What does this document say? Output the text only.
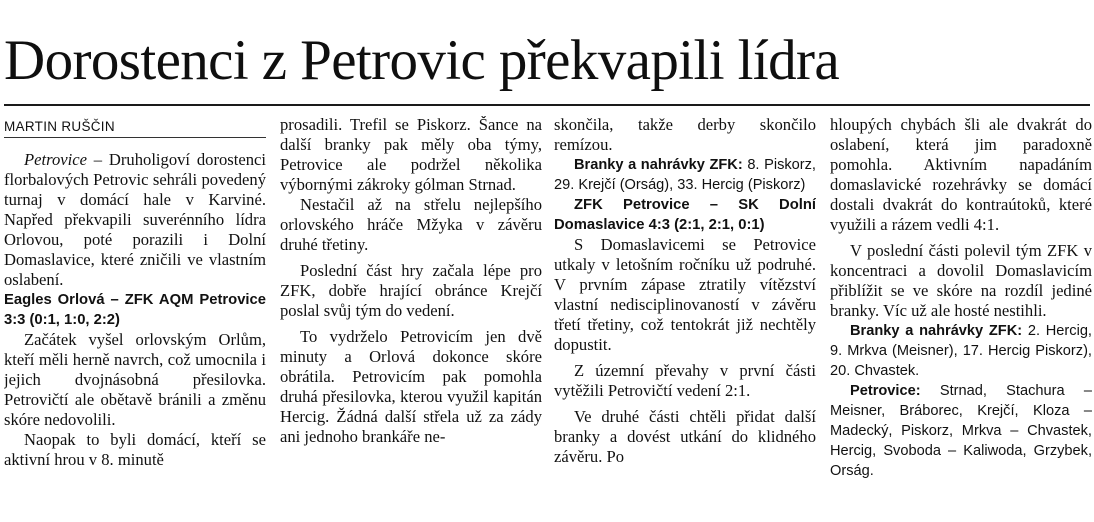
Dorostenci z Petrovic překvapili lídra

MARTIN RUŠČIN

Petrovice – Druholigoví dorostenci florbalových Petrovic sehráli povedený turnaj v domácí hale v Karviné. Napřed překvapili suverénního lídra Orlovou, poté porazili i Dolní Domaslavice, které zničili ve vlastním oslabení.

Eagles Orlová – ZFK AQM Petrovice 3:3 (0:1, 1:0, 2:2)

Začátek vyšel orlovským Orlům, kteří měli herně navrch, což umocnila i jejich dvojnásobná přesilovka. Petrovičtí ale obětavě bránili a změnu skóre nedovolili.

Naopak to byli domácí, kteří se aktivní hrou v 8. minutě

prosadili. Trefil se Piskorz. Šance na další branky pak měly oba týmy, Petrovice ale podržel několika výbornými zákroky gólman Strnad.

Nestačil až na střelu nejlepšího orlovského hráče Mžyka v závěru druhé třetiny.

Poslední část hry začala lépe pro ZFK, dobře hrající obránce Krejčí poslal svůj tým do vedení.

To vydrželo Petrovicím jen dvě minuty a Orlová dokonce skóre obrátila. Petrovicím pak pomohla druhá přesilovka, kterou využil kapitán Hercig. Žádná další střela už za zády ani jednoho brankáře ne-

skončila, takže derby skončilo remízou.

Branky a nahrávky ZFK: 8. Piskorz, 29. Krejčí (Orság), 33. Hercig (Piskorz)

ZFK Petrovice – SK Dolní Domaslavice 4:3 (2:1, 2:1, 0:1)

S Domaslavicemi se Petrovice utkaly v letošním ročníku už podruhé. V prvním zápase ztratily vítězství vlastní nedisciplinovaností v závěru třetí třetiny, což tentokrát již nechtěly dopustit.

Z územní převahy v první části vytěžili Petrovičtí vedení 2:1.

Ve druhé části chtěli přidat další branky a dovést utkání do klidného závěru. Po

hloupých chybách šli ale dvakrát do oslabení, která jim paradoxně pomohla. Aktivním napadáním domaslavické rozehrávky se domácí dostali dvakrát do kontraútoků, které využili a rázem vedli 4:1.

V poslední části polevil tým ZFK v koncentraci a dovolil Domaslavicím přiblížit se ve skóre na rozdíl jediné branky. Víc už ale hosté nestihli.

Branky a nahrávky ZFK: 2. Hercig, 9. Mrkva (Meisner), 17. Hercig Piskorz), 20. Chvastek.

Petrovice: Strnad, Stachura – Meisner, Bráborec, Krejčí, Kloza – Madecký, Piskorz, Mrkva – Chvastek, Hercig, Svoboda – Kaliwoda, Grzybek, Orság.
